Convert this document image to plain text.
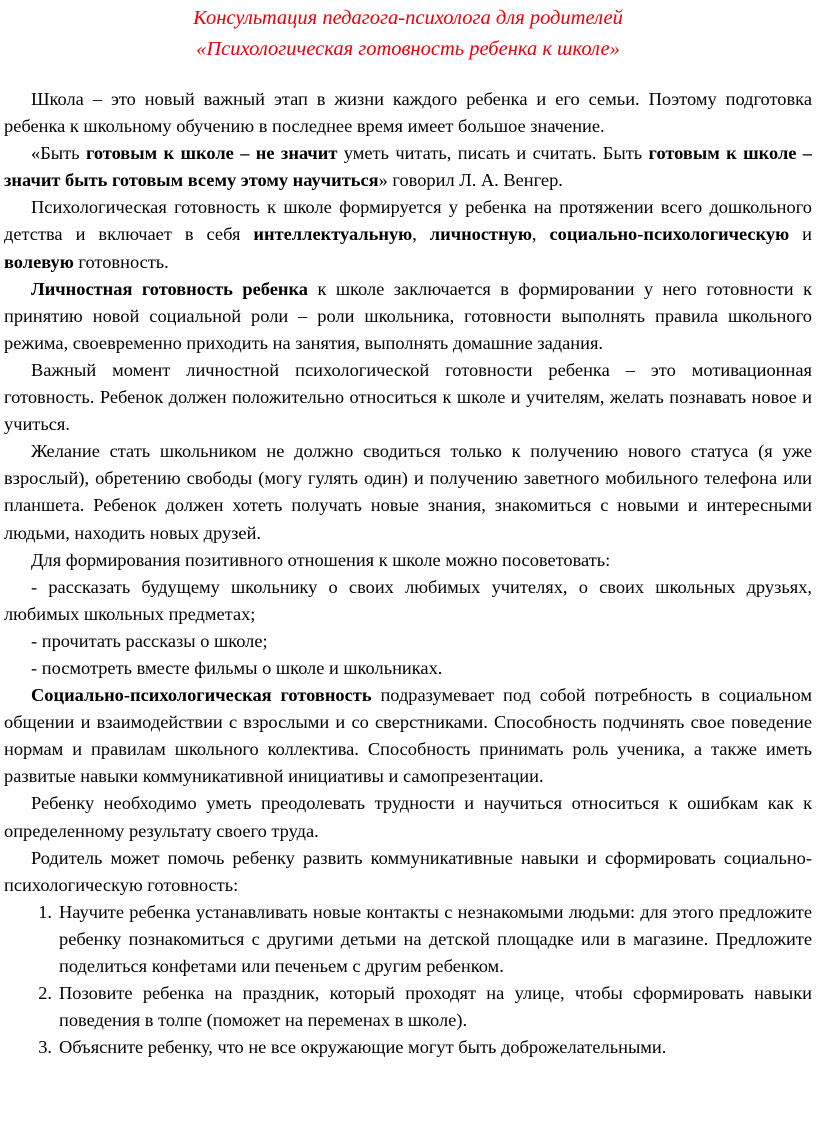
Консультация педагога-психолога для родителей

«Психологическая готовность ребенка к школе»

Школа – это новый важный этап в жизни каждого ребенка и его семьи. Поэтому подготовка ребенка к школьному обучению в последнее время имеет большое значение.

«Быть готовым к школе – не значит уметь читать, писать и считать. Быть готовым к школе – значит быть готовым всему этому научиться» говорил Л. А. Венгер.

Психологическая готовность к школе формируется у ребенка на протяжении всего дошкольного детства и включает в себя интеллектуальную, личностную, социально-психологическую и волевую готовность.

Личностная готовность ребенка к школе заключается в формировании у него готовности к принятию новой социальной роли – роли школьника, готовности выполнять правила школьного режима, своевременно приходить на занятия, выполнять домашние задания.

Важный момент личностной психологической готовности ребенка – это мотивационная готовность. Ребенок должен положительно относиться к школе и учителям, желать познавать новое и учиться.

Желание стать школьником не должно сводиться только к получению нового статуса (я уже взрослый), обретению свободы (могу гулять один) и получению заветного мобильного телефона или планшета. Ребенок должен хотеть получать новые знания, знакомиться с новыми и интересными людьми, находить новых друзей.

Для формирования позитивного отношения к школе можно посоветовать:

- рассказать будущему школьнику о своих любимых учителях, о своих школьных друзьях, любимых школьных предметах;

- прочитать рассказы о школе;

- посмотреть вместе фильмы о школе и школьниках.

Социально-психологическая готовность подразумевает под собой потребность в социальном общении и взаимодействии с взрослыми и со сверстниками. Способность подчинять свое поведение нормам и правилам школьного коллектива. Способность принимать роль ученика, а также иметь развитые навыки коммуникативной инициативы и самопрезентации.

Ребенку необходимо уметь преодолевать трудности и научиться относиться к ошибкам как к определенному результату своего труда.

Родитель может помочь ребенку развить коммуникативные навыки и сформировать социально-психологическую готовность:

1. Научите ребенка устанавливать новые контакты с незнакомыми людьми: для этого предложите ребенку познакомиться с другими детьми на детской площадке или в магазине. Предложите поделиться конфетами или печеньем с другим ребенком.
2. Позовите ребенка на праздник, который проходят на улице, чтобы сформировать навыки поведения в толпе (поможет на переменах в школе).
3. Объясните ребенку, что не все окружающие могут быть доброжелательными.
